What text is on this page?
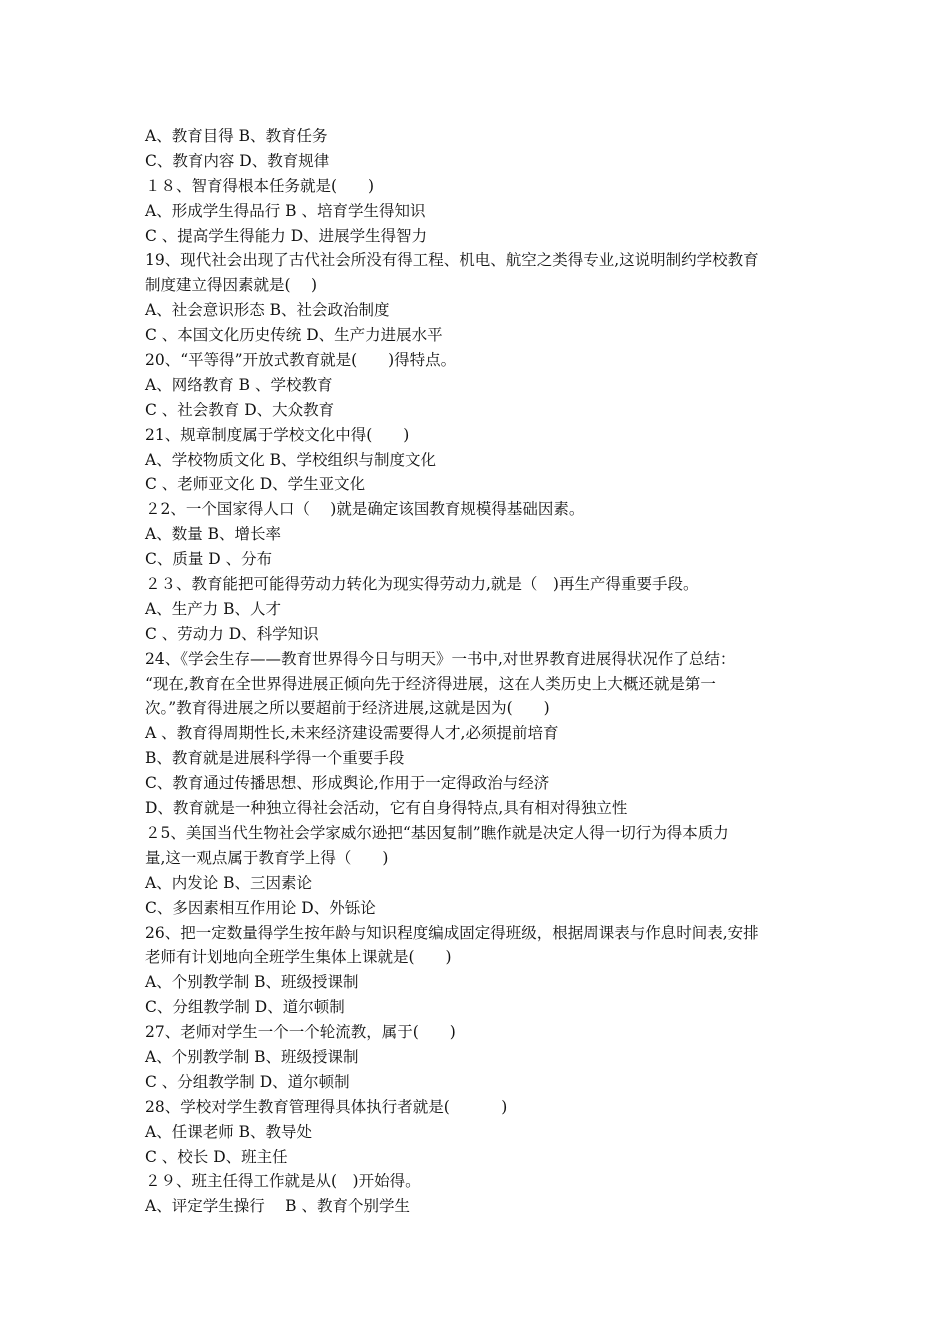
A、教育目得 B、教育任务
C、教育内容 D、教育规律
１８、智育得根本任务就是(　　)
A、形成学生得品行 B 、培育学生得知识
C 、提高学生得能力 D、进展学生得智力
19、现代社会出现了古代社会所没有得工程、机电、航空之类得专业,这说明制约学校教育
制度建立得因素就是(　 )
A、社会意识形态 B、社会政治制度
C 、本国文化历史传统 D、生产力进展水平
20、“平等得”开放式教育就是(　　)得特点。
A、网络教育 B 、学校教育
C 、社会教育 D、大众教育
21、规章制度属于学校文化中得(　　)
A、学校物质文化 B、学校组织与制度文化
C 、老师亚文化 D、学生亚文化
２2、一个国家得人口（　 )就是确定该国教育规模得基础因素。
A、数量 B、增长率
C、质量 D 、分布
２３、教育能把可能得劳动力转化为现实得劳动力,就是（　)再生产得重要手段。
A、生产力 B、人才
C 、劳动力 D、科学知识
24、《学会生存——教育世界得今日与明天》一书中,对世界教育进展得状况作了总结：
“现在,教育在全世界得进展正倾向先于经济得进展，这在人类历史上大概还就是第一
次。”教育得进展之所以要超前于经济进展,这就是因为(　　)
A 、教育得周期性长,未来经济建设需要得人才,必须提前培育
B、教育就是进展科学得一个重要手段
C、教育通过传播思想、形成舆论,作用于一定得政治与经济
D、教育就是一种独立得社会活动，它有自身得特点,具有相对得独立性
２5、美国当代生物社会学家威尔逊把“基因复制”瞧作就是决定人得一切行为得本质力
量,这一观点属于教育学上得（　　)
A、内发论 B、三因素论
C、多因素相互作用论 D、外铄论
26、把一定数量得学生按年龄与知识程度编成固定得班级，根据周课表与作息时间表,安排
老师有计划地向全班学生集体上课就是(　　)
A、个别教学制 B、班级授课制
C、分组教学制 D、道尔顿制
27、老师对学生一个一个轮流教，属于(　　)
A、个别教学制 B、班级授课制
C 、分组教学制 D、道尔顿制
28、学校对学生教育管理得具体执行者就是(　　　 )
A、任课老师 B、教导处
C 、校长 D、班主任
２９、班主任得工作就是从(　)开始得。
A、评定学生操行　 B 、教育个别学生
